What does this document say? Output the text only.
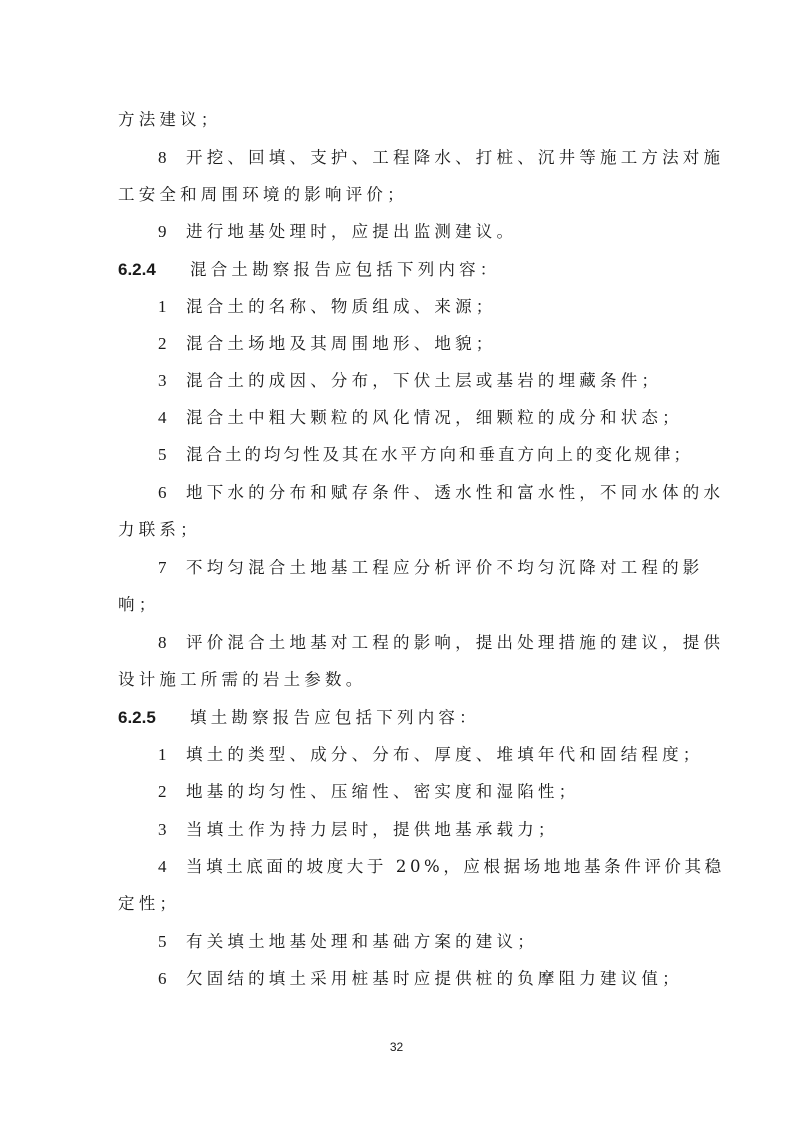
方法建议；
8 开挖、回填、支护、工程降水、打桩、沉井等施工方法对施
工安全和周围环境的影响评价；
9 进行地基处理时，应提出监测建议。
6.2.4 混合土勘察报告应包括下列内容：
1 混合土的名称、物质组成、来源；
2 混合土场地及其周围地形、地貌；
3 混合土的成因、分布，下伏土层或基岩的埋藏条件；
4 混合土中粗大颗粒的风化情况，细颗粒的成分和状态；
5 混合土的均匀性及其在水平方向和垂直方向上的变化规律；
6 地下水的分布和赋存条件、透水性和富水性，不同水体的水
力联系；
7 不均匀混合土地基工程应分析评价不均匀沉降对工程的影
响；
8 评价混合土地基对工程的影响，提出处理措施的建议，提供
设计施工所需的岩土参数。
6.2.5 填土勘察报告应包括下列内容：
1 填土的类型、成分、分布、厚度、堆填年代和固结程度；
2 地基的均匀性、压缩性、密实度和湿陷性；
3 当填土作为持力层时，提供地基承载力；
4 当填土底面的坡度大于 20%，应根据场地地基条件评价其稳
定性；
5 有关填土地基处理和基础方案的建议；
6 欠固结的填土采用桩基时应提供桩的负摩阻力建议值；
32
